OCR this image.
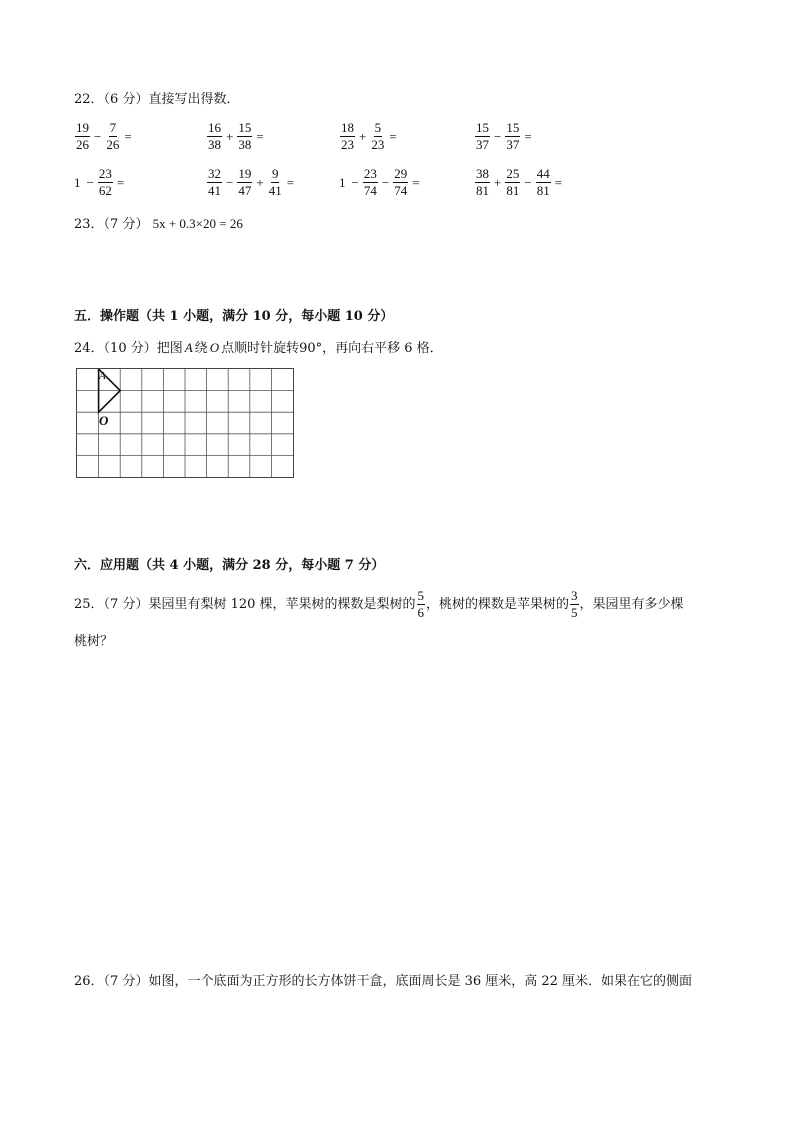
22．（6 分）直接写出得数．
$\frac{19}{26} - \frac{7}{26}$ =	$\frac{16}{38} + \frac{15}{38}$ =	$\frac{18}{23} + \frac{5}{23}$ =	$\frac{15}{37} - \frac{15}{37}$ =
$1 - \frac{23}{62}$ =	$\frac{32}{41} - \frac{19}{47} + \frac{9}{41}$ =	$1 - \frac{23}{74} - \frac{29}{74}$ =	$\frac{38}{81} + \frac{25}{81} - \frac{44}{81}$ =
23．（7 分） 5x + 0.3×20 = 26
五．操作题（共 1 小题，满分 10 分，每小题 10 分）
24．（10 分）把图 A 绕 O 点顺时针旋转90°，再向右平移 6 格．
A
O
六．应用题（共 4 小题，满分 28 分，每小题 7 分）
25．（7 分）果园里有梨树 120 棵，苹果树的棵数是梨树的 $\frac{5}{6}$ ，桃树的棵数是苹果树的 $\frac{3}{5}$ ，果园里有多少棵
桃树？
26．（7 分）如图，一个底面为正方形的长方体饼干盒，底面周长是 36 厘米，高 22 厘米．如果在它的侧面
